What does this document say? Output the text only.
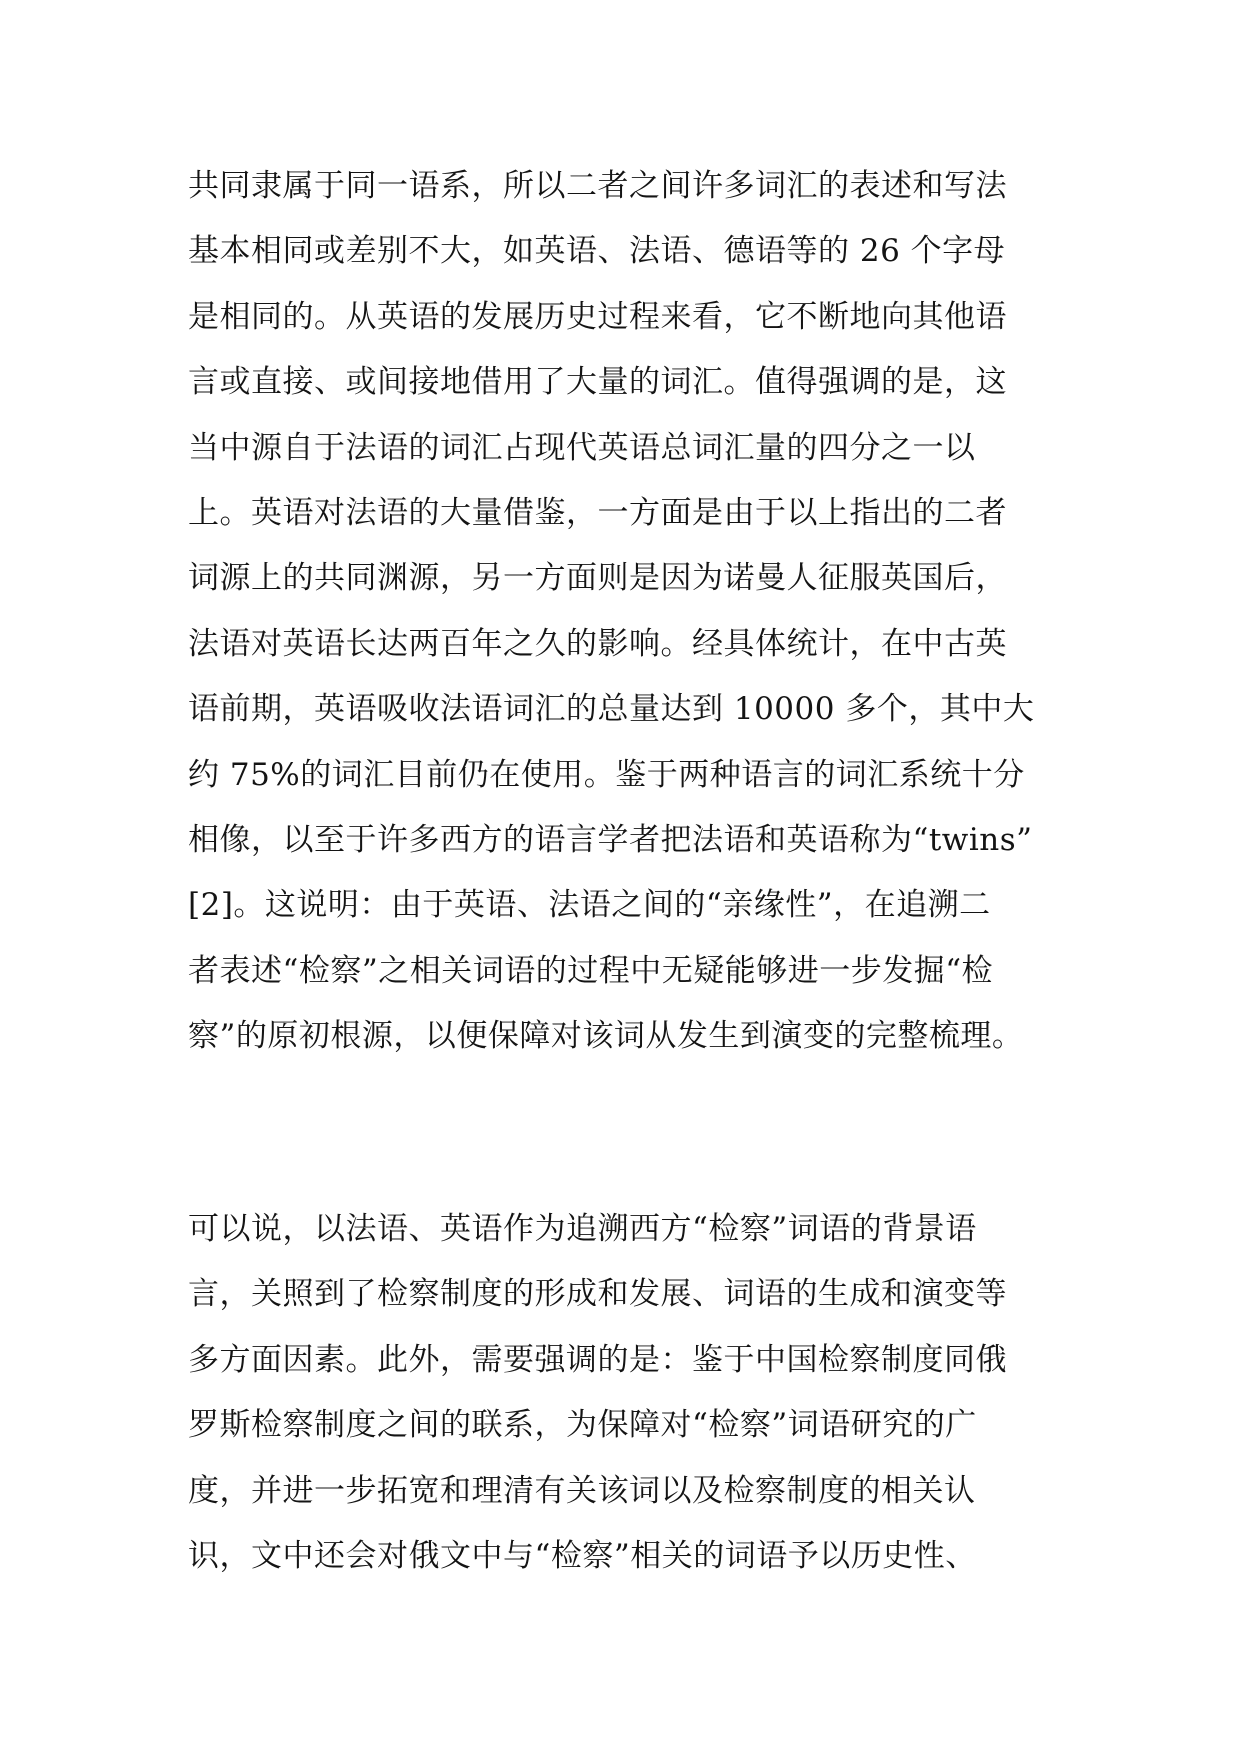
共同隶属于同一语系，所以二者之间许多词汇的表述和写法
基本相同或差别不大，如英语、法语、德语等的 26 个字母
是相同的。从英语的发展历史过程来看，它不断地向其他语
言或直接、或间接地借用了大量的词汇。值得强调的是，这
当中源自于法语的词汇占现代英语总词汇量的四分之一以
上。英语对法语的大量借鉴，一方面是由于以上指出的二者
词源上的共同渊源，另一方面则是因为诺曼人征服英国后，
法语对英语长达两百年之久的影响。经具体统计，在中古英
语前期，英语吸收法语词汇的总量达到 10000 多个，其中大
约 75%的词汇目前仍在使用。鉴于两种语言的词汇系统十分
相像，以至于许多西方的语言学者把法语和英语称为“twins”
[2]。这说明：由于英语、法语之间的“亲缘性”，在追溯二
者表述“检察”之相关词语的过程中无疑能够进一步发掘“检
察”的原初根源，以便保障对该词从发生到演变的完整梳理。
可以说，以法语、英语作为追溯西方“检察”词语的背景语
言，关照到了检察制度的形成和发展、词语的生成和演变等
多方面因素。此外，需要强调的是：鉴于中国检察制度同俄
罗斯检察制度之间的联系，为保障对“检察”词语研究的广
度，并进一步拓宽和理清有关该词以及检察制度的相关认
识，文中还会对俄文中与“检察”相关的词语予以历史性、
